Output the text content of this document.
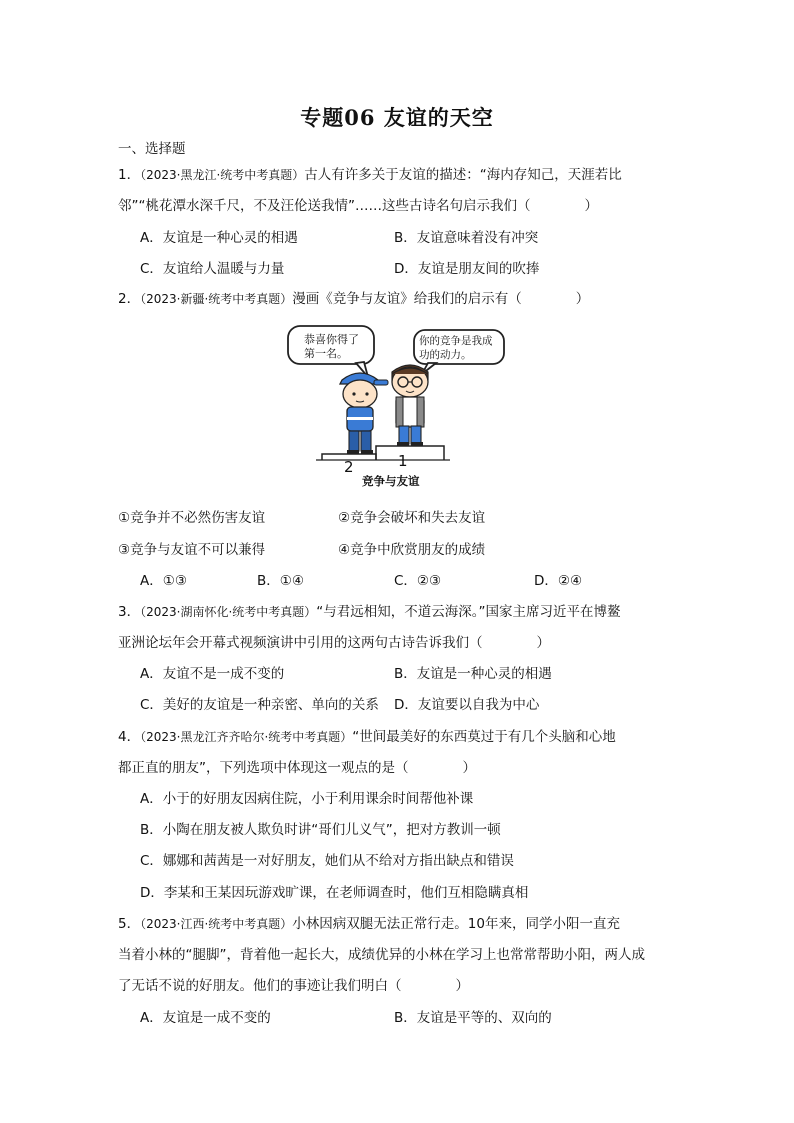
专题06 友谊的天空
一、选择题
1．（2023·黑龙江·统考中考真题）古人有许多关于友谊的描述：“海内存知己，天涯若比
邻”“桃花潭水深千尺，不及汪伦送我情”……这些古诗名句启示我们（　　　　）
A．友谊是一种心灵的相遇	B．友谊意味着没有冲突
C．友谊给人温暖与力量	D．友谊是朋友间的吹捧
2．（2023·新疆·统考中考真题）漫画《竞争与友谊》给我们的启示有（　　　　）
恭喜你得了
第一名。
你的竞争是我成
功的动力。
2	1
竞争与友谊
①竞争并不必然伤害友谊	②竞争会破坏和失去友谊
③竞争与友谊不可以兼得	④竞争中欣赏朋友的成绩
A．①③	B．①④	C．②③	D．②④
3．（2023·湖南怀化·统考中考真题）“与君远相知，不道云海深。”国家主席习近平在博鳌
亚洲论坛年会开幕式视频演讲中引用的这两句古诗告诉我们（　　　　）
A．友谊不是一成不变的	B．友谊是一种心灵的相遇
C．美好的友谊是一种亲密、单向的关系 D．友谊要以自我为中心
4．（2023·黑龙江齐齐哈尔·统考中考真题）“世间最美好的东西莫过于有几个头脑和心地
都正直的朋友”，下列选项中体现这一观点的是（　　　　）
A．小于的好朋友因病住院，小于利用课余时间帮他补课
B．小陶在朋友被人欺负时讲“哥们儿义气”，把对方教训一顿
C．娜娜和茜茜是一对好朋友，她们从不给对方指出缺点和错误
D．李某和王某因玩游戏旷课，在老师调查时，他们互相隐瞒真相
5．（2023·江西·统考中考真题）小林因病双腿无法正常行走。10年来，同学小阳一直充
当着小林的“腿脚”，背着他一起长大，成绩优异的小林在学习上也常常帮助小阳，两人成
了无话不说的好朋友。他们的事迹让我们明白（　　　　）
A．友谊是一成不变的	B．友谊是平等的、双向的
